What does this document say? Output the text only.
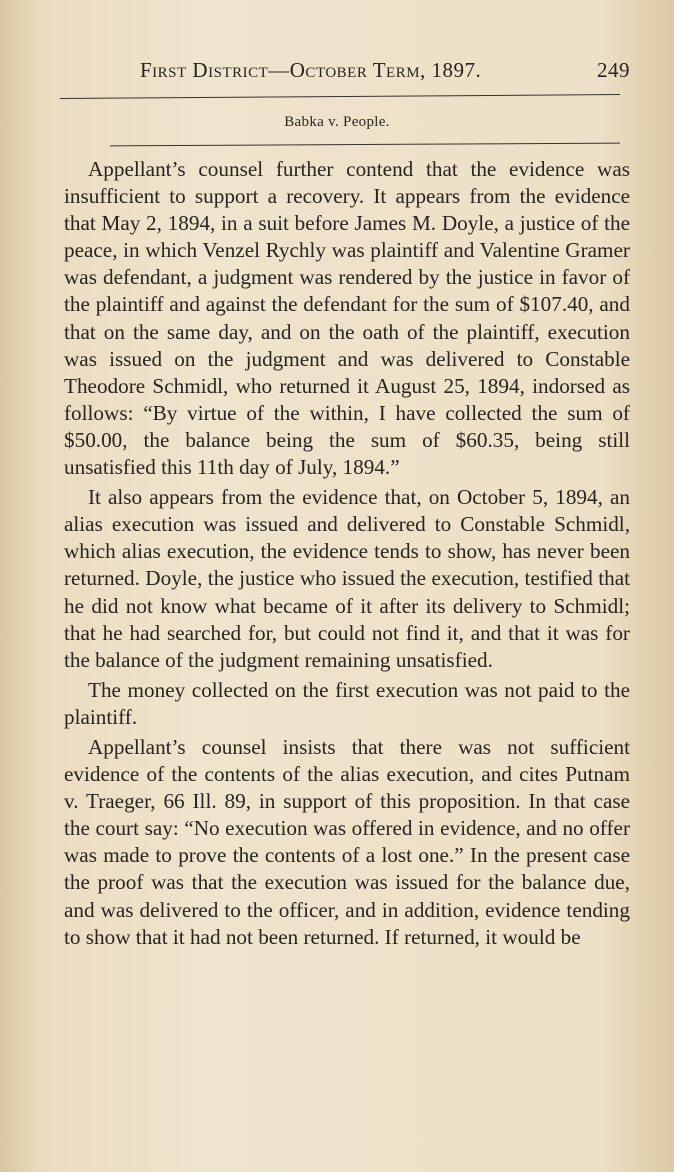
First District—October Term, 1897.	249
Babka v. People.

Appellant’s counsel further contend that the evidence was insufficient to support a recovery. It appears from the evidence that May 2, 1894, in a suit before James M. Doyle, a justice of the peace, in which Venzel Rychly was plaintiff and Valentine Gramer was defendant, a judgment was rendered by the justice in favor of the plaintiff and against the defendant for the sum of $107.40, and that on the same day, and on the oath of the plaintiff, execution was issued on the judgment and was delivered to Constable Theodore Schmidl, who returned it August 25, 1894, indorsed as follows: “By virtue of the within, I have collected the sum of $50.00, the balance being the sum of $60.35, being still unsatisfied this 11th day of July, 1894.”

It also appears from the evidence that, on October 5, 1894, an alias execution was issued and delivered to Constable Schmidl, which alias execution, the evidence tends to show, has never been returned. Doyle, the justice who issued the execution, testified that he did not know what became of it after its delivery to Schmidl; that he had searched for, but could not find it, and that it was for the balance of the judgment remaining unsatisfied.

The money collected on the first execution was not paid to the plaintiff.

Appellant’s counsel insists that there was not sufficient evidence of the contents of the alias execution, and cites Putnam v. Traeger, 66 Ill. 89, in support of this proposition. In that case the court say: “No execution was offered in evidence, and no offer was made to prove the contents of a lost one.” In the present case the proof was that the execution was issued for the balance due, and was delivered to the officer, and in addition, evidence tending to show that it had not been returned. If returned, it would be
